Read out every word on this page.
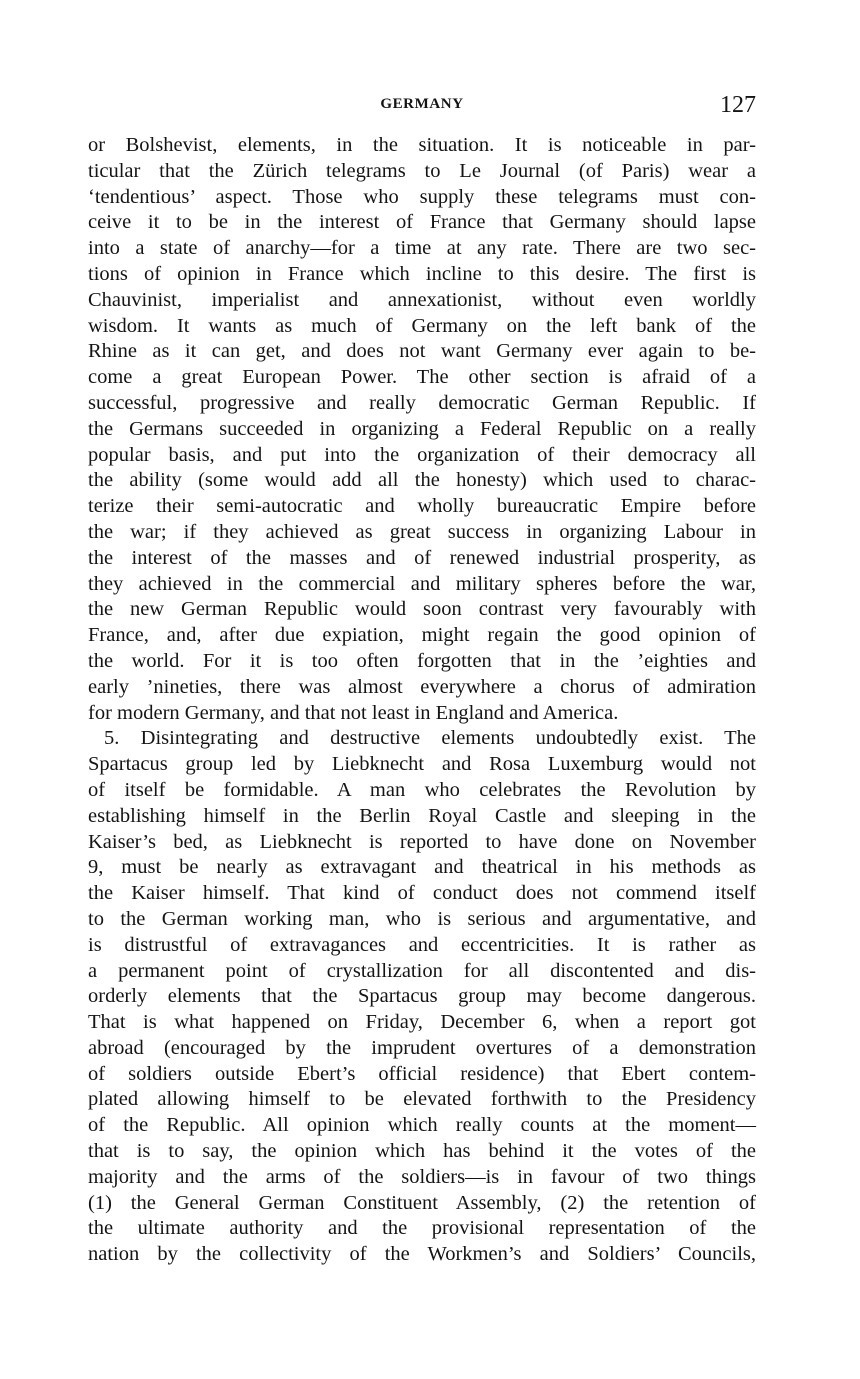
GERMANY	127
or Bolshevist, elements, in the situation. It is noticeable in par-
ticular that the Zürich telegrams to Le Journal (of Paris) wear a
‘tendentious’ aspect. Those who supply these telegrams must con-
ceive it to be in the interest of France that Germany should lapse
into a state of anarchy—for a time at any rate. There are two sec-
tions of opinion in France which incline to this desire. The first is
Chauvinist, imperialist and annexationist, without even worldly
wisdom. It wants as much of Germany on the left bank of the
Rhine as it can get, and does not want Germany ever again to be-
come a great European Power. The other section is afraid of a
successful, progressive and really democratic German Republic. If
the Germans succeeded in organizing a Federal Republic on a really
popular basis, and put into the organization of their democracy all
the ability (some would add all the honesty) which used to charac-
terize their semi-autocratic and wholly bureaucratic Empire before
the war; if they achieved as great success in organizing Labour in
the interest of the masses and of renewed industrial prosperity, as
they achieved in the commercial and military spheres before the war,
the new German Republic would soon contrast very favourably with
France, and, after due expiation, might regain the good opinion of
the world. For it is too often forgotten that in the ’eighties and
early ’nineties, there was almost everywhere a chorus of admiration
for modern Germany, and that not least in England and America.
5. Disintegrating and destructive elements undoubtedly exist. The
Spartacus group led by Liebknecht and Rosa Luxemburg would not
of itself be formidable. A man who celebrates the Revolution by
establishing himself in the Berlin Royal Castle and sleeping in the
Kaiser’s bed, as Liebknecht is reported to have done on November
9, must be nearly as extravagant and theatrical in his methods as
the Kaiser himself. That kind of conduct does not commend itself
to the German working man, who is serious and argumentative, and
is distrustful of extravagances and eccentricities. It is rather as
a permanent point of crystallization for all discontented and dis-
orderly elements that the Spartacus group may become dangerous.
That is what happened on Friday, December 6, when a report got
abroad (encouraged by the imprudent overtures of a demonstration
of soldiers outside Ebert’s official residence) that Ebert contem-
plated allowing himself to be elevated forthwith to the Presidency
of the Republic. All opinion which really counts at the moment—
that is to say, the opinion which has behind it the votes of the
majority and the arms of the soldiers—is in favour of two things
(1) the General German Constituent Assembly, (2) the retention of
the ultimate authority and the provisional representation of the
nation by the collectivity of the Workmen’s and Soldiers’ Councils,
